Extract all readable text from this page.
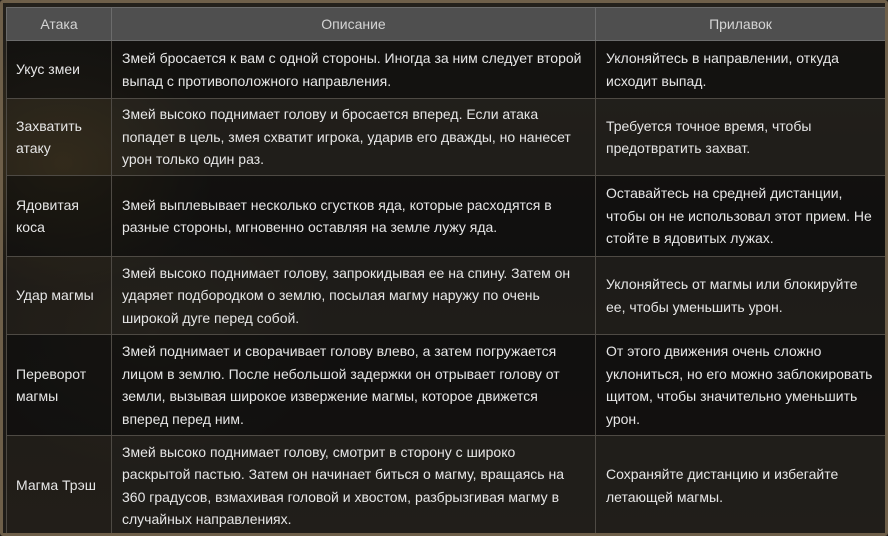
Атака	Описание	Прилавок
Укус змеи	Змей бросается к вам с одной стороны. Иногда за ним следует второй выпад с противоположного направления.	Уклоняйтесь в направлении, откуда исходит выпад.
Захватить атаку	Змей высоко поднимает голову и бросается вперед. Если атака попадет в цель, змея схватит игрока, ударив его дважды, но нанесет урон только один раз.	Требуется точное время, чтобы предотвратить захват.
Ядовитая коса	Змей выплевывает несколько сгустков яда, которые расходятся в разные стороны, мгновенно оставляя на земле лужу яда.	Оставайтесь на средней дистанции, чтобы он не использовал этот прием. Не стойте в ядовитых лужах.
Удар магмы	Змей высоко поднимает голову, запрокидывая ее на спину. Затем он ударяет подбородком о землю, посылая магму наружу по очень широкой дуге перед собой.	Уклоняйтесь от магмы или блокируйте ее, чтобы уменьшить урон.
Переворот магмы	Змей поднимает и сворачивает голову влево, а затем погружается лицом в землю. После небольшой задержки он отрывает голову от земли, вызывая широкое извержение магмы, которое движется вперед перед ним.	От этого движения очень сложно уклониться, но его можно заблокировать щитом, чтобы значительно уменьшить урон.
Магма Трэш	Змей высоко поднимает голову, смотрит в сторону с широко раскрытой пастью. Затем он начинает биться о магму, вращаясь на 360 градусов, взмахивая головой и хвостом, разбрызгивая магму в случайных направлениях.	Сохраняйте дистанцию и избегайте летающей магмы.
